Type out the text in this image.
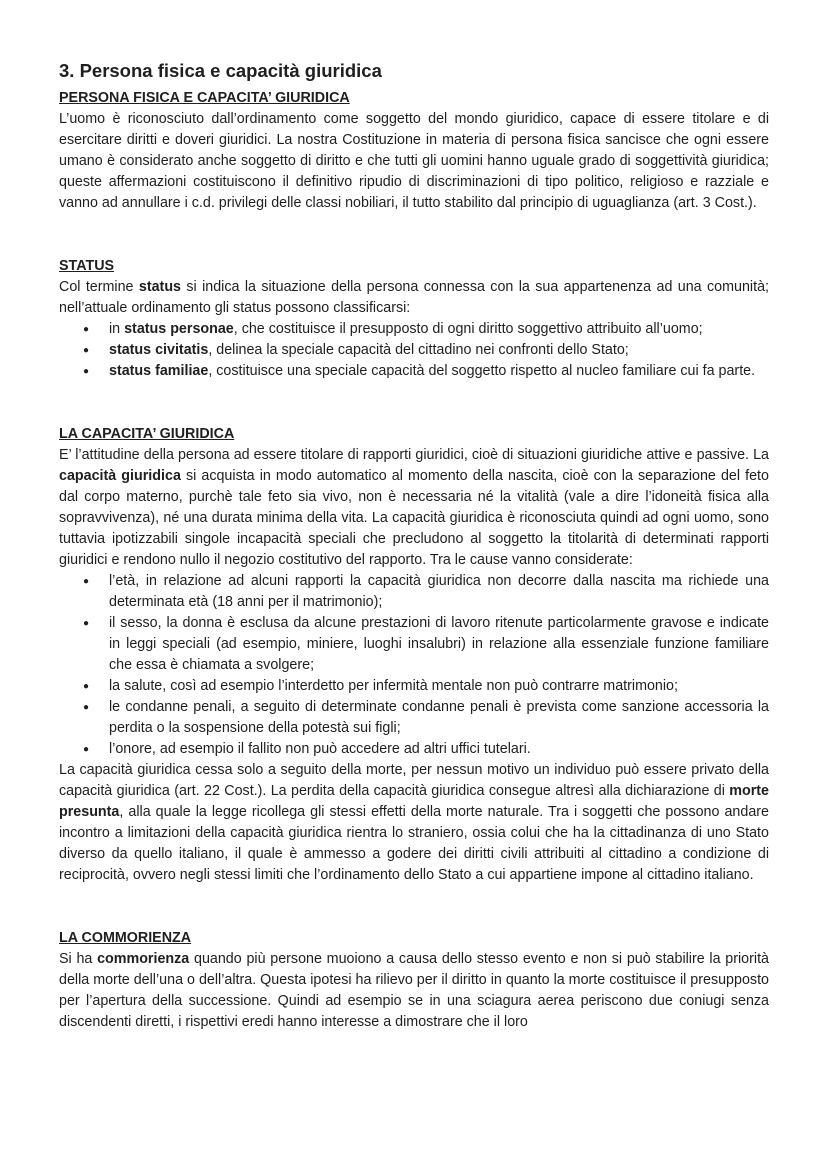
3. Persona fisica e capacità giuridica
PERSONA FISICA E CAPACITA’ GIURIDICA

L’uomo è riconosciuto dall’ordinamento come soggetto del mondo giuridico, capace di essere titolare e di esercitare diritti e doveri giuridici. La nostra Costituzione in materia di persona fisica sancisce che ogni essere umano è considerato anche soggetto di diritto e che tutti gli uomini hanno uguale grado di soggettività giuridica; queste affermazioni costituiscono il definitivo ripudio di discriminazioni di tipo politico, religioso e razziale e vanno ad annullare i c.d. privilegi delle classi nobiliari, il tutto stabilito dal principio di uguaglianza (art. 3 Cost.).

STATUS

Col termine status si indica la situazione della persona connessa con la sua appartenenza ad una comunità; nell’attuale ordinamento gli status possono classificarsi:

● in status personae, che costituisce il presupposto di ogni diritto soggettivo attribuito all’uomo;
● status civitatis, delinea la speciale capacità del cittadino nei confronti dello Stato;
● status familiae, costituisce una speciale capacità del soggetto rispetto al nucleo familiare cui fa parte.
LA CAPACITA’ GIURIDICA

E’ l’attitudine della persona ad essere titolare di rapporti giuridici, cioè di situazioni giuridiche attive e passive. La capacità giuridica si acquista in modo automatico al momento della nascita, cioè con la separazione del feto dal corpo materno, purchè tale feto sia vivo, non è necessaria né la vitalità (vale a dire l’idoneità fisica alla sopravvivenza), né una durata minima della vita. La capacità giuridica è riconosciuta quindi ad ogni uomo, sono tuttavia ipotizzabili singole incapacità speciali che precludono al soggetto la titolarità di determinati rapporti giuridici e rendono nullo il negozio costitutivo del rapporto. Tra le cause vanno considerate:

● l’età, in relazione ad alcuni rapporti la capacità giuridica non decorre dalla nascita ma richiede una determinata età (18 anni per il matrimonio);
● il sesso, la donna è esclusa da alcune prestazioni di lavoro ritenute particolarmente gravose e indicate in leggi speciali (ad esempio, miniere, luoghi insalubri) in relazione alla essenziale funzione familiare che essa è chiamata a svolgere;
● la salute, così ad esempio l’interdetto per infermità mentale non può contrarre matrimonio;
● le condanne penali, a seguito di determinate condanne penali è prevista come sanzione accessoria la perdita o la sospensione della potestà sui figli;
● l’onore, ad esempio il fallito non può accedere ad altri uffici tutelari.

La capacità giuridica cessa solo a seguito della morte, per nessun motivo un individuo può essere privato della capacità giuridica (art. 22 Cost.). La perdita della capacità giuridica consegue altresì alla dichiarazione di morte presunta, alla quale la legge ricollega gli stessi effetti della morte naturale. Tra i soggetti che possono andare incontro a limitazioni della capacità giuridica rientra lo straniero, ossia colui che ha la cittadinanza di uno Stato diverso da quello italiano, il quale è ammesso a godere dei diritti civili attribuiti al cittadino a condizione di reciprocità, ovvero negli stessi limiti che l’ordinamento dello Stato a cui appartiene impone al cittadino italiano.

LA COMMORIENZA

Si ha commorienza quando più persone muoiono a causa dello stesso evento e non si può stabilire la priorità della morte dell’una o dell’altra. Questa ipotesi ha rilievo per il diritto in quanto la morte costituisce il presupposto per l’apertura della successione. Quindi ad esempio se in una sciagura aerea periscono due coniugi senza discendenti diretti, i rispettivi eredi hanno interesse a dimostrare che il loro
